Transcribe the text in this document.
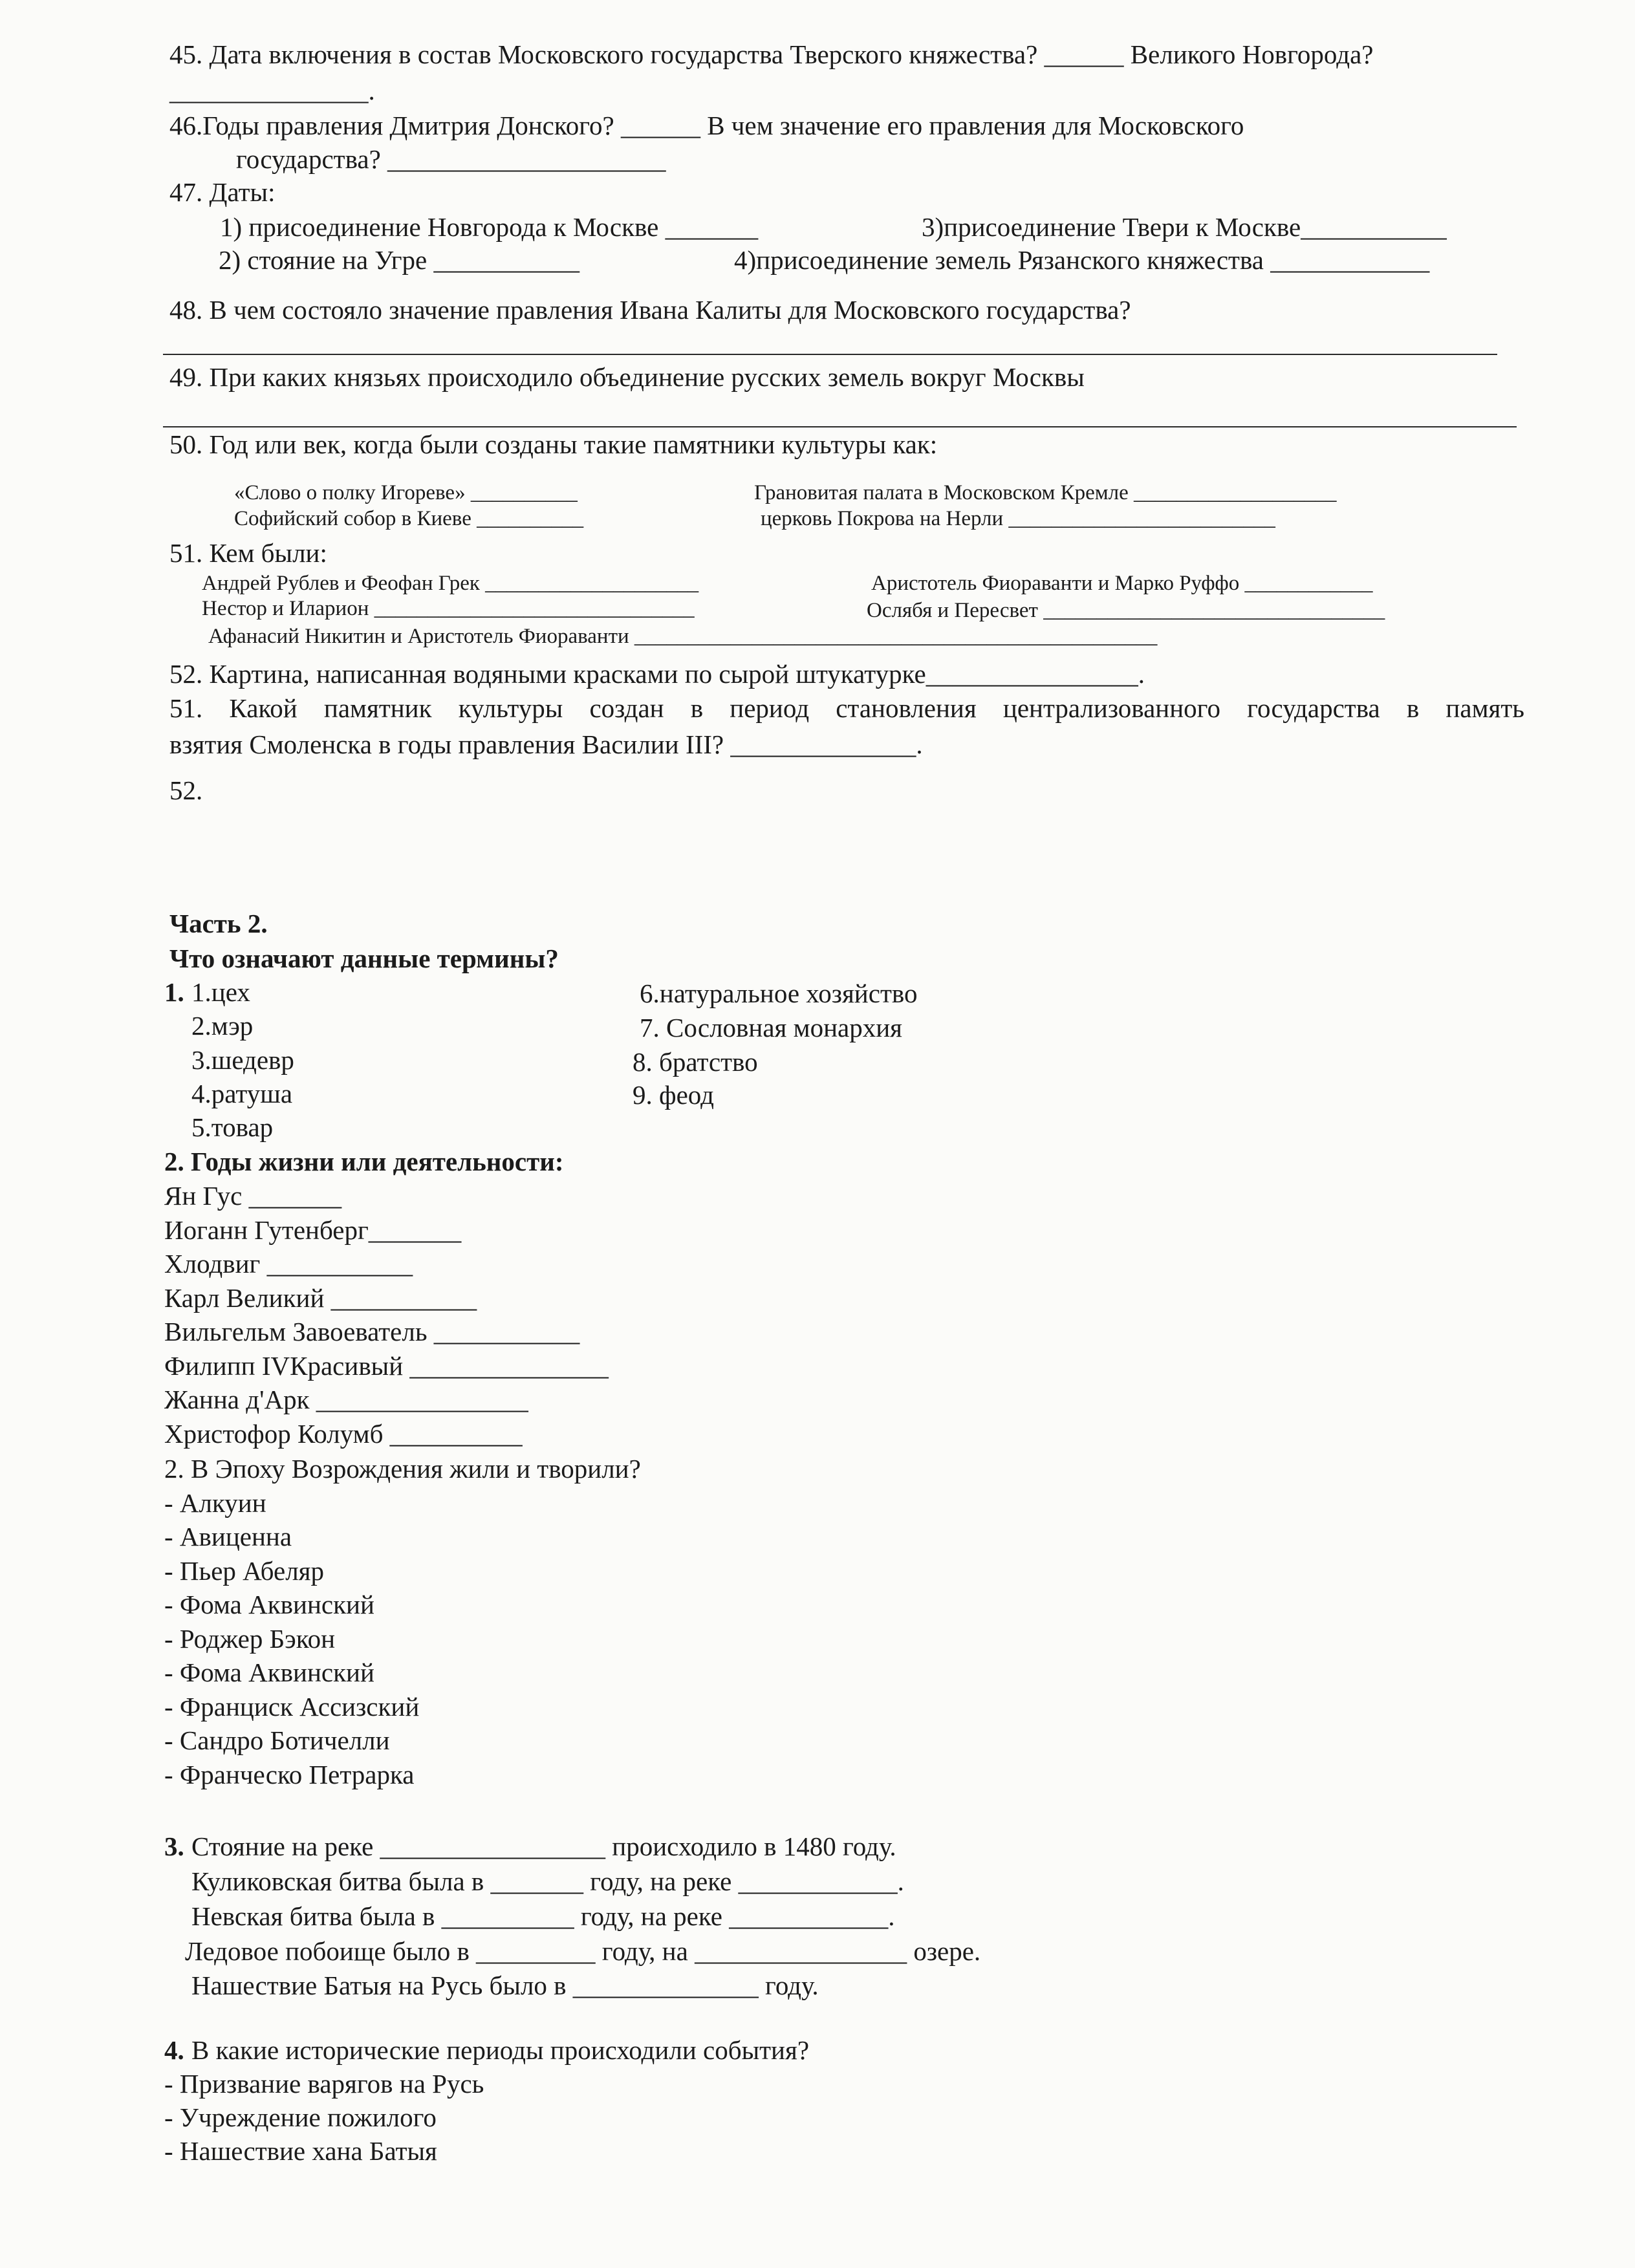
45. Дата включения в состав Московского государства Тверского княжества? ______ Великого Новгорода?
_______________.
46.Годы правления Дмитрия Донского? ______ В чем значение его правления для Московского
государства? _____________________
47. Даты:
1) присоединение Новгорода к Москве _______	3)присоединение Твери к Москве___________
2) стояние на Угре ___________	4)присоединение земель Рязанского княжества ____________
48. В чем состояло значение правления Ивана Калиты для Московского государства?
49. При каких князьях происходило объединение русских земель вокруг Москвы
50. Год или век, когда были созданы такие памятники культуры как:
«Слово о полку Игореве» __________	Грановитая палата в Московском Кремле ___________________
Софийский собор в Киеве __________	церковь Покрова на Нерли _________________________
51. Кем были:
Андрей Рублев и Феофан Грек ____________________	Аристотель Фиораванти и Марко Руффо ____________
Нестор и Иларион ______________________________	Ослябя и Пересвет ________________________________
Афанасий Никитин и Аристотель Фиораванти _________________________________________________
52. Картина, написанная водяными красками по сырой штукатурке________________.
51. Какой памятник культуры создан в период становления централизованного государства в память
взятия Смоленска в годы правления Василии III? ______________.
52.
Часть 2.
Что означают данные термины?
1. 1.цех
2.мэр
3.шедевр
4.ратуша
5.товар
6.натуральное хозяйство
7. Сословная монархия
8. братство
9. феод
2. Годы жизни или деятельности:
Ян Гус _______
Иоганн Гутенберг_______
Хлодвиг ___________
Карл Великий ___________
Вильгельм Завоеватель ___________
Филипп IVКрасивый _______________
Жанна д'Арк ________________
Христофор Колумб __________
2. В Эпоху Возрождения жили и творили?
- Алкуин
- Авиценна
- Пьер Абеляр
- Фома Аквинский
- Роджер Бэкон
- Фома Аквинский
- Франциск Ассизский
- Сандро Ботичелли
- Франческо Петрарка
3. Стояние на реке _________________ происходило в 1480 году.
Куликовская битва была в _______ году, на реке ____________.
Невская битва была в __________ году, на реке ____________.
Ледовое побоище было в _________ году, на ________________ озере.
Нашествие Батыя на Русь было в ______________ году.
4. В какие исторические периоды происходили события?
- Призвание варягов на Русь
- Учреждение пожилого
- Нашествие хана Батыя
